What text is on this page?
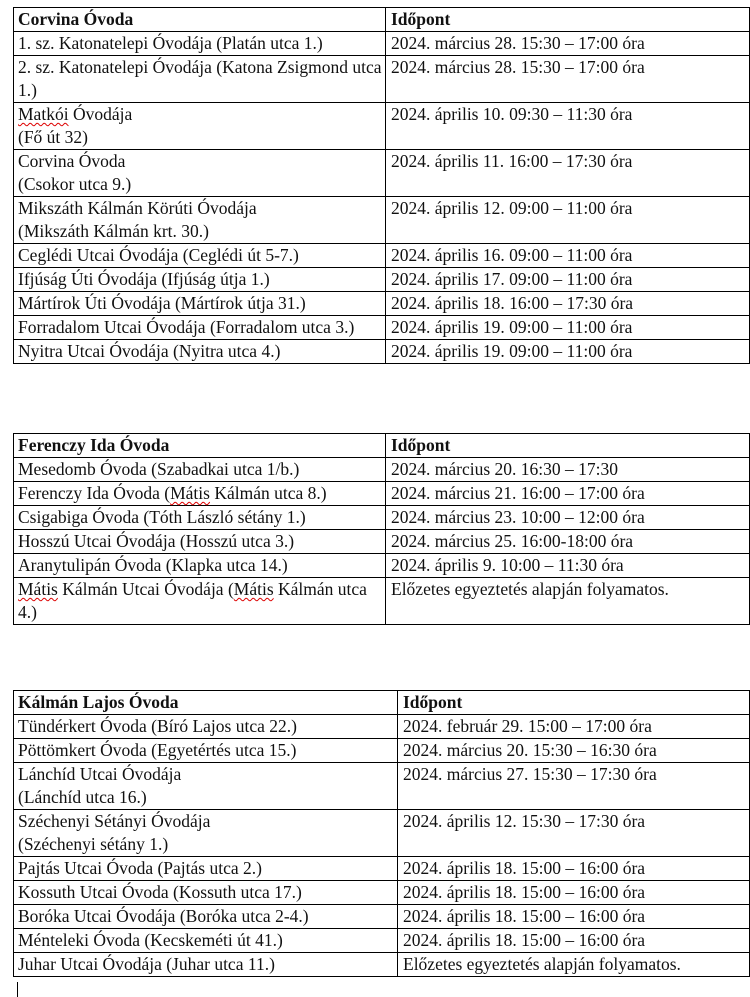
Corvina Óvoda	Időpont
1. sz. Katonatelepi Óvodája (Platán utca 1.)	2024. március 28. 15:30 – 17:00 óra
2. sz. Katonatelepi Óvodája (Katona Zsigmond utca 1.)	2024. március 28. 15:30 – 17:00 óra

Matkói Óvodája
(Fő út 32)	2024. április 10. 09:30 – 11:30 óra

Corvina Óvoda
(Csokor utca 9.)	2024. április 11. 16:00 – 17:30 óra

Mikszáth Kálmán Körúti Óvodája
(Mikszáth Kálmán krt. 30.)	2024. április 12. 09:00 – 11:00 óra
Ceglédi Utcai Óvodája (Ceglédi út 5-7.)	2024. április 16. 09:00 – 11:00 óra
Ifjúság Úti Óvodája (Ifjúság útja 1.)	2024. április 17. 09:00 – 11:00 óra
Mártírok Úti Óvodája (Mártírok útja 31.)	2024. április 18. 16:00 – 17:30 óra
Forradalom Utcai Óvodája (Forradalom utca 3.)	2024. április 19. 09:00 – 11:00 óra
Nyitra Utcai Óvodája (Nyitra utca 4.)	2024. április 19. 09:00 – 11:00 óra
Ferenczy Ida Óvoda	Időpont
Mesedomb Óvoda (Szabadkai utca 1/b.)	2024. március 20. 16:30 – 17:30
Ferenczy Ida Óvoda (Mátis Kálmán utca 8.)	2024. március 21. 16:00 – 17:00 óra
Csigabiga Óvoda (Tóth László sétány 1.)	2024. március 23. 10:00 – 12:00 óra
Hosszú Utcai Óvodája (Hosszú utca 3.)	2024. március 25. 16:00-18:00 óra
Aranytulipán Óvoda (Klapka utca 14.)	2024. április 9. 10:00 – 11:30 óra
Mátis Kálmán Utcai Óvodája (Mátis Kálmán utca 4.)	Előzetes egyeztetés alapján folyamatos.
Kálmán Lajos Óvoda	Időpont
Tündérkert Óvoda (Bíró Lajos utca 22.)	2024. február 29. 15:00 – 17:00 óra
Pöttömkert Óvoda (Egyetértés utca 15.)	2024. március 20. 15:30 – 16:30 óra

Lánchíd Utcai Óvodája
(Lánchíd utca 16.)	2024. március 27. 15:30 – 17:30 óra

Széchenyi Sétányi Óvodája
(Széchenyi sétány 1.)	2024. április 12. 15:30 – 17:30 óra
Pajtás Utcai Óvoda (Pajtás utca 2.)	2024. április 18. 15:00 – 16:00 óra
Kossuth Utcai Óvoda (Kossuth utca 17.)	2024. április 18. 15:00 – 16:00 óra
Boróka Utcai Óvodája (Boróka utca 2-4.)	2024. április 18. 15:00 – 16:00 óra
Ménteleki Óvoda (Kecskeméti út 41.)	2024. április 18. 15:00 – 16:00 óra
Juhar Utcai Óvodája (Juhar utca 11.)	Előzetes egyeztetés alapján folyamatos.
